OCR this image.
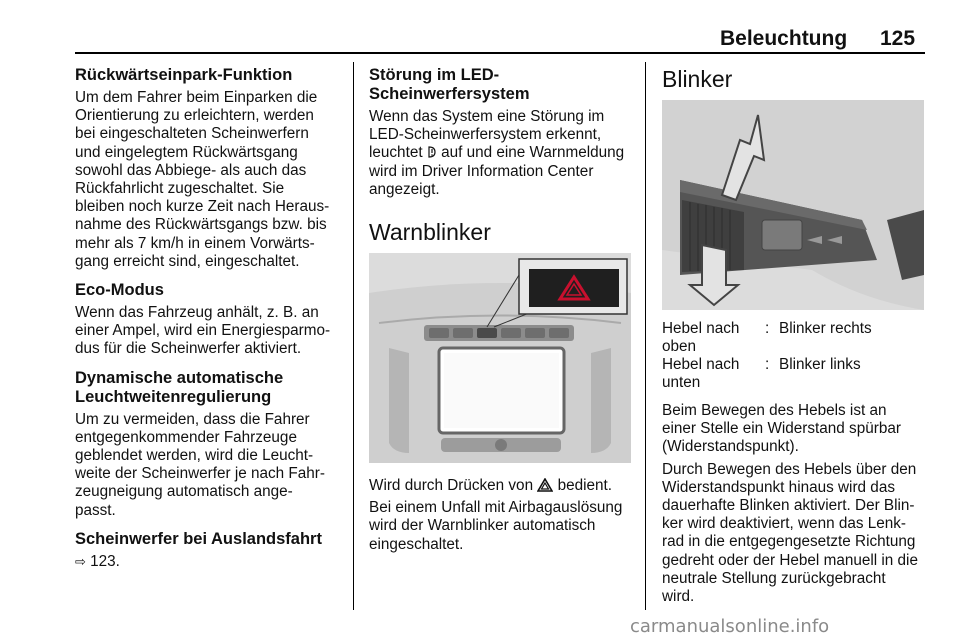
Beleuchtung 125

Rückwärtseinpark-Funktion

Um dem Fahrer beim Einparken die

Orientierung zu erleichtern, werden

bei eingeschalteten Scheinwerfern

und eingelegtem Rückwärtsgang

sowohl das Abbiege- als auch das

Rückfahrlicht zugeschaltet. Sie

bleiben noch kurze Zeit nach Heraus-

nahme des Rückwärtsgangs bzw. bis

mehr als 7 km/h in einem Vorwärts-

gang erreicht sind, eingeschaltet.

Eco-Modus

Wenn das Fahrzeug anhält, z. B. an

einer Ampel, wird ein Energiesparmo-

dus für die Scheinwerfer aktiviert.

Dynamische automatische
Leuchtweitenregulierung

Um zu vermeiden, dass die Fahrer

entgegenkommender Fahrzeuge

geblendet werden, wird die Leucht-

weite der Scheinwerfer je nach Fahr-

zeugneigung automatisch ange-

passt.

Scheinwerfer bei Auslandsfahrt

⇨ 123.

Störung im LED-
Scheinwerfersystem

Wenn das System eine Störung im

LED-Scheinwerfersystem erkennt,

leuchtet auf und eine Warnmeldung

wird im Driver Information Center

angezeigt.

Warnblinker

Wird durch Drücken von bedient.

Bei einem Unfall mit Airbagauslösung

wird der Warnblinker automatisch

eingeschaltet.

Blinker

Hebel nach
oben	:	Blinker rechts
Hebel nach
unten	:	Blinker links

Beim Bewegen des Hebels ist an

einer Stelle ein Widerstand spürbar

(Widerstandspunkt).

Durch Bewegen des Hebels über den

Widerstandspunkt hinaus wird das

dauerhafte Blinken aktiviert. Der Blin-

ker wird deaktiviert, wenn das Lenk-

rad in die entgegengesetzte Richtung

gedreht oder der Hebel manuell in die

neutrale Stellung zurückgebracht

wird.

carmanualsonline.info
